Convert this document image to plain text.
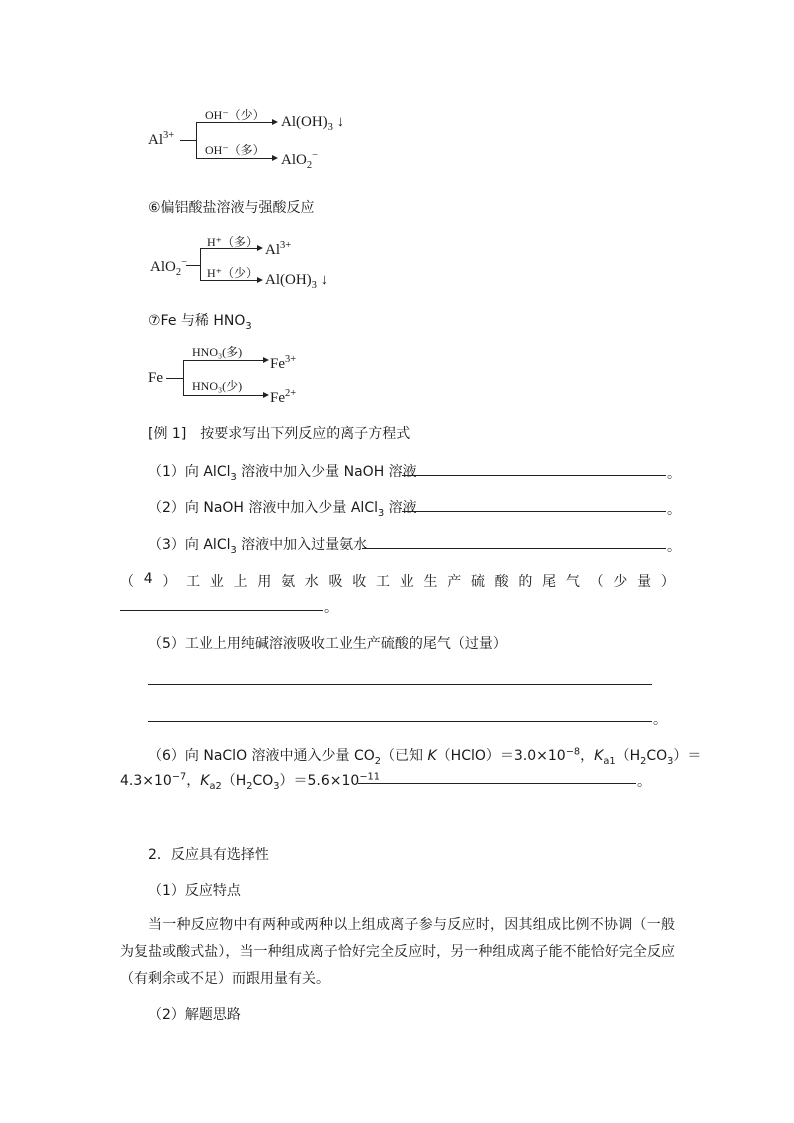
$Al^{3+}$
OH⁻（少）
OH⁻（多）
$Al(OH)_3$ ↓
AlO$_2$−
⑥偏铝酸盐溶液与强酸反应
AlO$_2$−
H⁺（多）
H⁺（少）
$Al^{3+}$
$Al(OH)_3$ ↓
⑦Fe 与稀 $HNO_3$
Fe
HNO₃(多)
HNO₃(少)
$Fe^{3+}$
$Fe^{2+}$
[例 1]　按要求写出下列反应的离子方程式
（1）向 AlCl$_3$ 溶液中加入少量 NaOH 溶液	。
（2）向 NaOH 溶液中加入少量 AlCl$_3$ 溶液	。
（3）向 AlCl$_3$ 溶液中加入过量氨水	。
（ 4 ） 工 业 上 用 氨 水 吸 收 工 业 生 产 硫 酸 的 尾 气 （ 少 量 ）
。
（5）工业上用纯碱溶液吸收工业生产硫酸的尾气（过量）
。
（6）向 NaClO 溶液中通入少量 $CO_2$（已知 $K(HClO)=3.0\times 10^{-8}$，$K_{a1}(H_2CO_3)=$
$4.3\times 10^{-7}$，$K_{a2}(H_2CO_3)=5.6\times 10^{-11}$	。
2．反应具有选择性
（1）反应特点
当一种反应物中有两种或两种以上组成离子参与反应时，因其组成比例不协调（一般为复盐或酸式盐），当一种组成离子恰好完全反应时，另一种组成离子能不能恰好完全反应（有剩余或不足）而跟用量有关。
（2）解题思路
